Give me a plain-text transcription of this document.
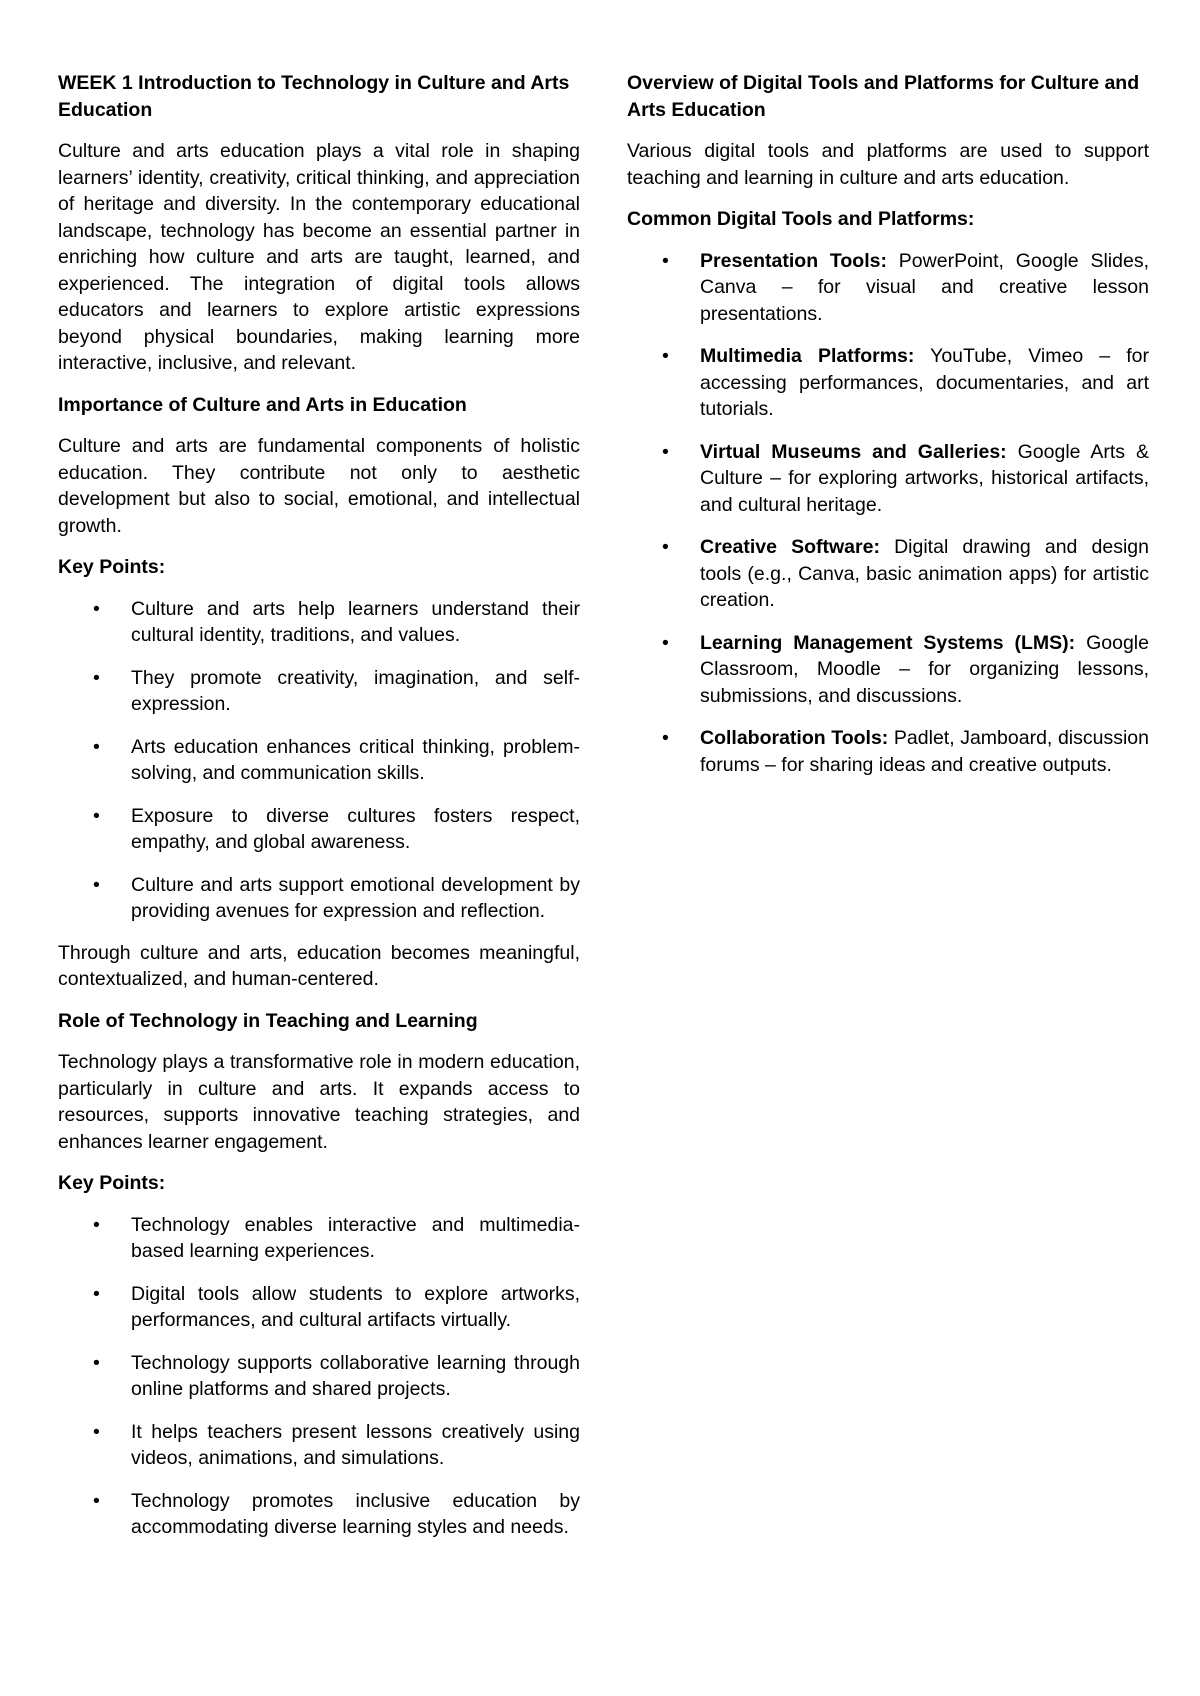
WEEK 1 Introduction to Technology in Culture and Arts Education

Culture and arts education plays a vital role in shaping learners’ identity, creativity, critical thinking, and appreciation of heritage and diversity. In the contemporary educational landscape, technology has become an essential partner in enriching how culture and arts are taught, learned, and experienced. The integration of digital tools allows educators and learners to explore artistic expressions beyond physical boundaries, making learning more interactive, inclusive, and relevant.

Importance of Culture and Arts in Education

Culture and arts are fundamental components of holistic education. They contribute not only to aesthetic development but also to social, emotional, and intellectual growth.

Key Points:
• Culture and arts help learners understand their cultural identity, traditions, and values.
• They promote creativity, imagination, and self-expression.
• Arts education enhances critical thinking, problem-solving, and communication skills.
• Exposure to diverse cultures fosters respect, empathy, and global awareness.
• Culture and arts support emotional development by providing avenues for expression and reflection.

Through culture and arts, education becomes meaningful, contextualized, and human-centered.

Role of Technology in Teaching and Learning

Technology plays a transformative role in modern education, particularly in culture and arts. It expands access to resources, supports innovative teaching strategies, and enhances learner engagement.

Key Points:
• Technology enables interactive and multimedia-based learning experiences.
• Digital tools allow students to explore artworks, performances, and cultural artifacts virtually.
• Technology supports collaborative learning through online platforms and shared projects.
• It helps teachers present lessons creatively using videos, animations, and simulations.
• Technology promotes inclusive education by accommodating diverse learning styles and needs.
Overview of Digital Tools and Platforms for Culture and Arts Education

Various digital tools and platforms are used to support teaching and learning in culture and arts education.

Common Digital Tools and Platforms:
• Presentation Tools: PowerPoint, Google Slides, Canva – for visual and creative lesson presentations.
• Multimedia Platforms: YouTube, Vimeo – for accessing performances, documentaries, and art tutorials.
• Virtual Museums and Galleries: Google Arts & Culture – for exploring artworks, historical artifacts, and cultural heritage.
• Creative Software: Digital drawing and design tools (e.g., Canva, basic animation apps) for artistic creation.
• Learning Management Systems (LMS): Google Classroom, Moodle – for organizing lessons, submissions, and discussions.
• Collaboration Tools: Padlet, Jamboard, discussion forums – for sharing ideas and creative outputs.
